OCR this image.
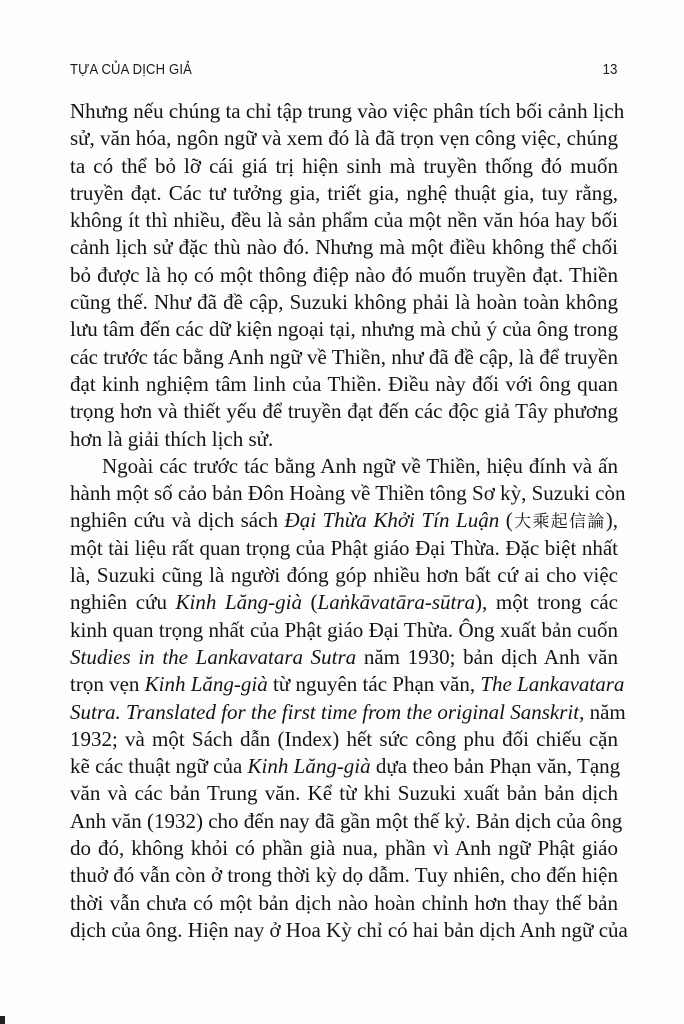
TỰA CỦA DỊCH GIẢ	13
Nhưng nếu chúng ta chỉ tập trung vào việc phân tích bối cảnh lịch
sử, văn hóa, ngôn ngữ và xem đó là đã trọn vẹn công việc, chúng
ta có thể bỏ lỡ cái giá trị hiện sinh mà truyền thống đó muốn
truyền đạt. Các tư tưởng gia, triết gia, nghệ thuật gia, tuy rằng,
không ít thì nhiều, đều là sản phẩm của một nền văn hóa hay bối
cảnh lịch sử đặc thù nào đó. Nhưng mà một điều không thể chối
bỏ được là họ có một thông điệp nào đó muốn truyền đạt. Thiền
cũng thế. Như đã đề cập, Suzuki không phải là hoàn toàn không
lưu tâm đến các dữ kiện ngoại tại, nhưng mà chủ ý của ông trong
các trước tác bằng Anh ngữ về Thiền, như đã đề cập, là để truyền
đạt kinh nghiệm tâm linh của Thiền. Điều này đối với ông quan
trọng hơn và thiết yếu để truyền đạt đến các độc giả Tây phương
hơn là giải thích lịch sử.
Ngoài các trước tác bằng Anh ngữ về Thiền, hiệu đính và ấn
hành một số cảo bản Đôn Hoàng về Thiền tông Sơ kỳ, Suzuki còn
nghiên cứu và dịch sách Đại Thừa Khởi Tín Luận (大乘起信論),
một tài liệu rất quan trọng của Phật giáo Đại Thừa. Đặc biệt nhất
là, Suzuki cũng là người đóng góp nhiều hơn bất cứ ai cho việc
nghiên cứu Kinh Lăng-già (Laṅkāvatāra-sūtra), một trong các
kinh quan trọng nhất của Phật giáo Đại Thừa. Ông xuất bản cuốn
Studies in the Lankavatara Sutra năm 1930; bản dịch Anh văn
trọn vẹn Kinh Lăng-già từ nguyên tác Phạn văn, The Lankavatara
Sutra. Translated for the first time from the original Sanskrit, năm
1932; và một Sách dẫn (Index) hết sức công phu đối chiếu cặn
kẽ các thuật ngữ của Kinh Lăng-già dựa theo bản Phạn văn, Tạng
văn và các bản Trung văn. Kể từ khi Suzuki xuất bản bản dịch
Anh văn (1932) cho đến nay đã gần một thế kỷ. Bản dịch của ông
do đó, không khỏi có phần già nua, phần vì Anh ngữ Phật giáo
thuở đó vẫn còn ở trong thời kỳ dọ dẫm. Tuy nhiên, cho đến hiện
thời vẫn chưa có một bản dịch nào hoàn chỉnh hơn thay thế bản
dịch của ông. Hiện nay ở Hoa Kỳ chỉ có hai bản dịch Anh ngữ của
